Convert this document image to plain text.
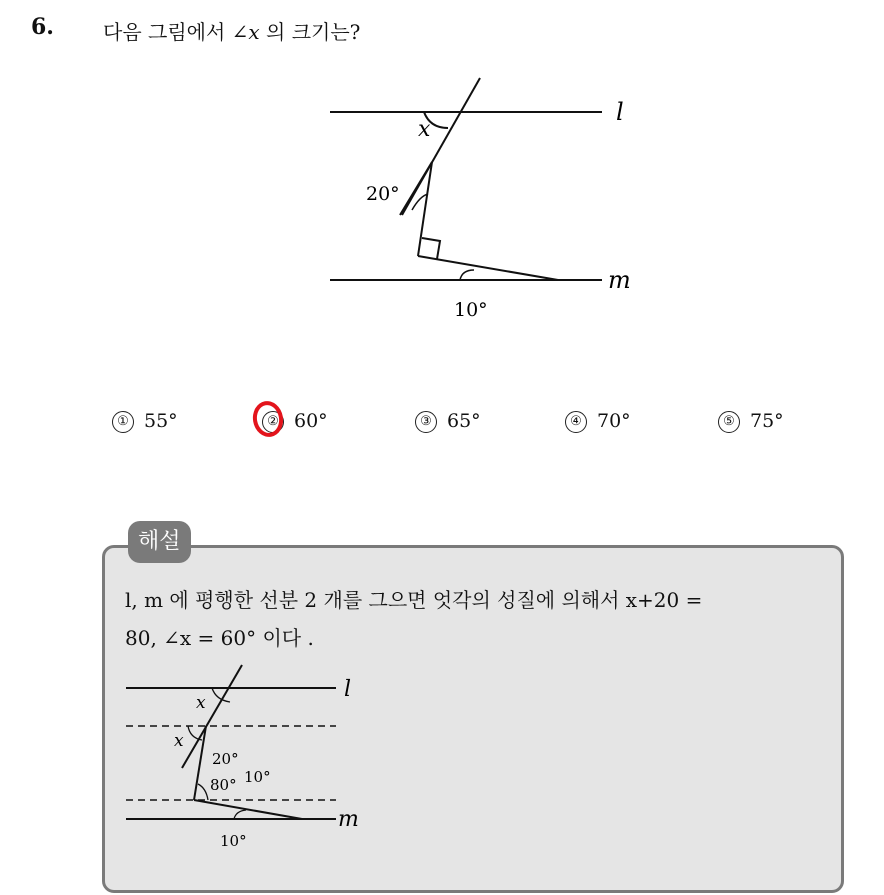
6. 다음 그림에서 ∠x 의 크기는?
l
m
x
20°
10°
① 55°	② 60°	③ 65°	④ 70°	⑤ 75°
해설
l, m 에 평행한 선분 2 개를 그으면 엇각의 성질에 의해서 x+20 =
80, ∠x = 60° 이다 .
l
m
x
x
20°
80° 10°
10°
